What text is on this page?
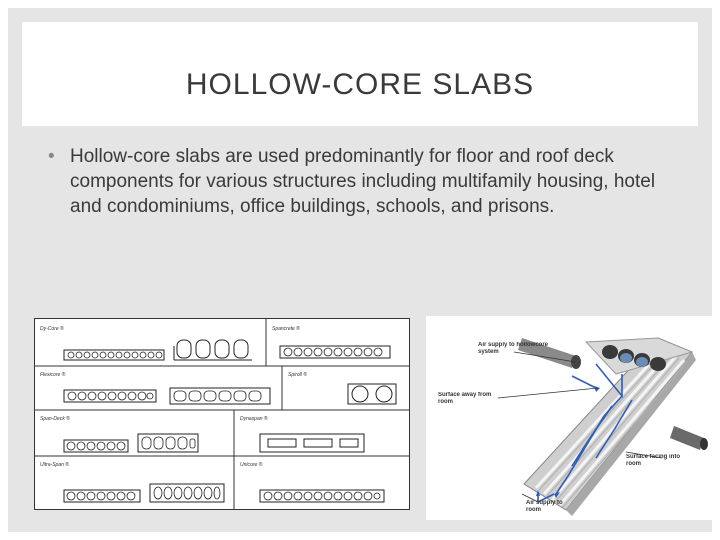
HOLLOW-CORE SLABS
• Hollow-core slabs are used predominantly for floor and roof deck components for various structures including multifamily housing, hotel and condominiums, office buildings, schools, and prisons.
Dy-Core ®	Spancrete ®
Flexicore ®	Spiroll ®
Span-Deck ®	Dynaspan ®
Ultra-Span ®	Unicore ®
Air supply to hollowcore system
Surface away from room
Surface facing into room
Air supply to room
